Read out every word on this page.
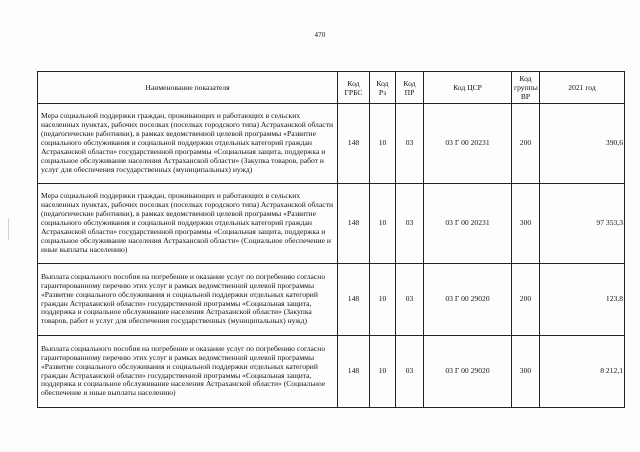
470
Наименование показателя	Код ГРБС	Код Рз	Код ПР	Код ЦСР	Код группы ВР	2021 год
Мера социальной поддержки граждан, проживающих и работающих в сельских населенных пунктах, рабочих поселках (поселках городского типа) Астраханской области (педагогические работники), в рамках ведомственной целевой программы «Развитие социального обслуживания и социальной поддержки отдельных категорий граждан Астраханской области» государственной программы «Социальная защита, поддержка и социальное обслуживание населения Астраханской области» (Закупка товаров, работ и услуг для обеспечения государственных (муниципальных) нужд)	148	10	03	03 Г 00 20231	200	390,6
Мера социальной поддержки граждан, проживающих и работающих в сельских населенных пунктах, рабочих поселках (поселках городского типа) Астраханской области (педагогические работники), в рамках ведомственной целевой программы «Развитие социального обслуживания и социальной поддержки отдельных категорий граждан Астраханской области» государственной программы «Социальная защита, поддержка и социальное обслуживание населения Астраханской области» (Социальное обеспечение и иные выплаты населению)	148	10	03	03 Г 00 20231	300	97 353,3
Выплата социального пособия на погребение и оказание услуг по погребению согласно гарантированному перечню этих услуг в рамках ведомственной целевой программы «Развитие социального обслуживания и социальной поддержки отдельных категорий граждан Астраханской области» государственной программы «Социальная защита, поддержка и социальное обслуживание населения Астраханской области» (Закупка товаров, работ и услуг для обеспечения государственных (муниципальных) нужд)	148	10	03	03 Г 00 29020	200	123,8
Выплата социального пособия на погребение и оказание услуг по погребению согласно гарантированному перечню этих услуг в рамках ведомственной целевой программы «Развитие социального обслуживания и социальной поддержки отдельных категорий граждан Астраханской области» государственной программы «Социальная защита, поддержка и социальное обслуживание населения Астраханской области» (Социальное обеспечение и иные выплаты населению)	148	10	03	03 Г 00 29020	300	8 212,1
